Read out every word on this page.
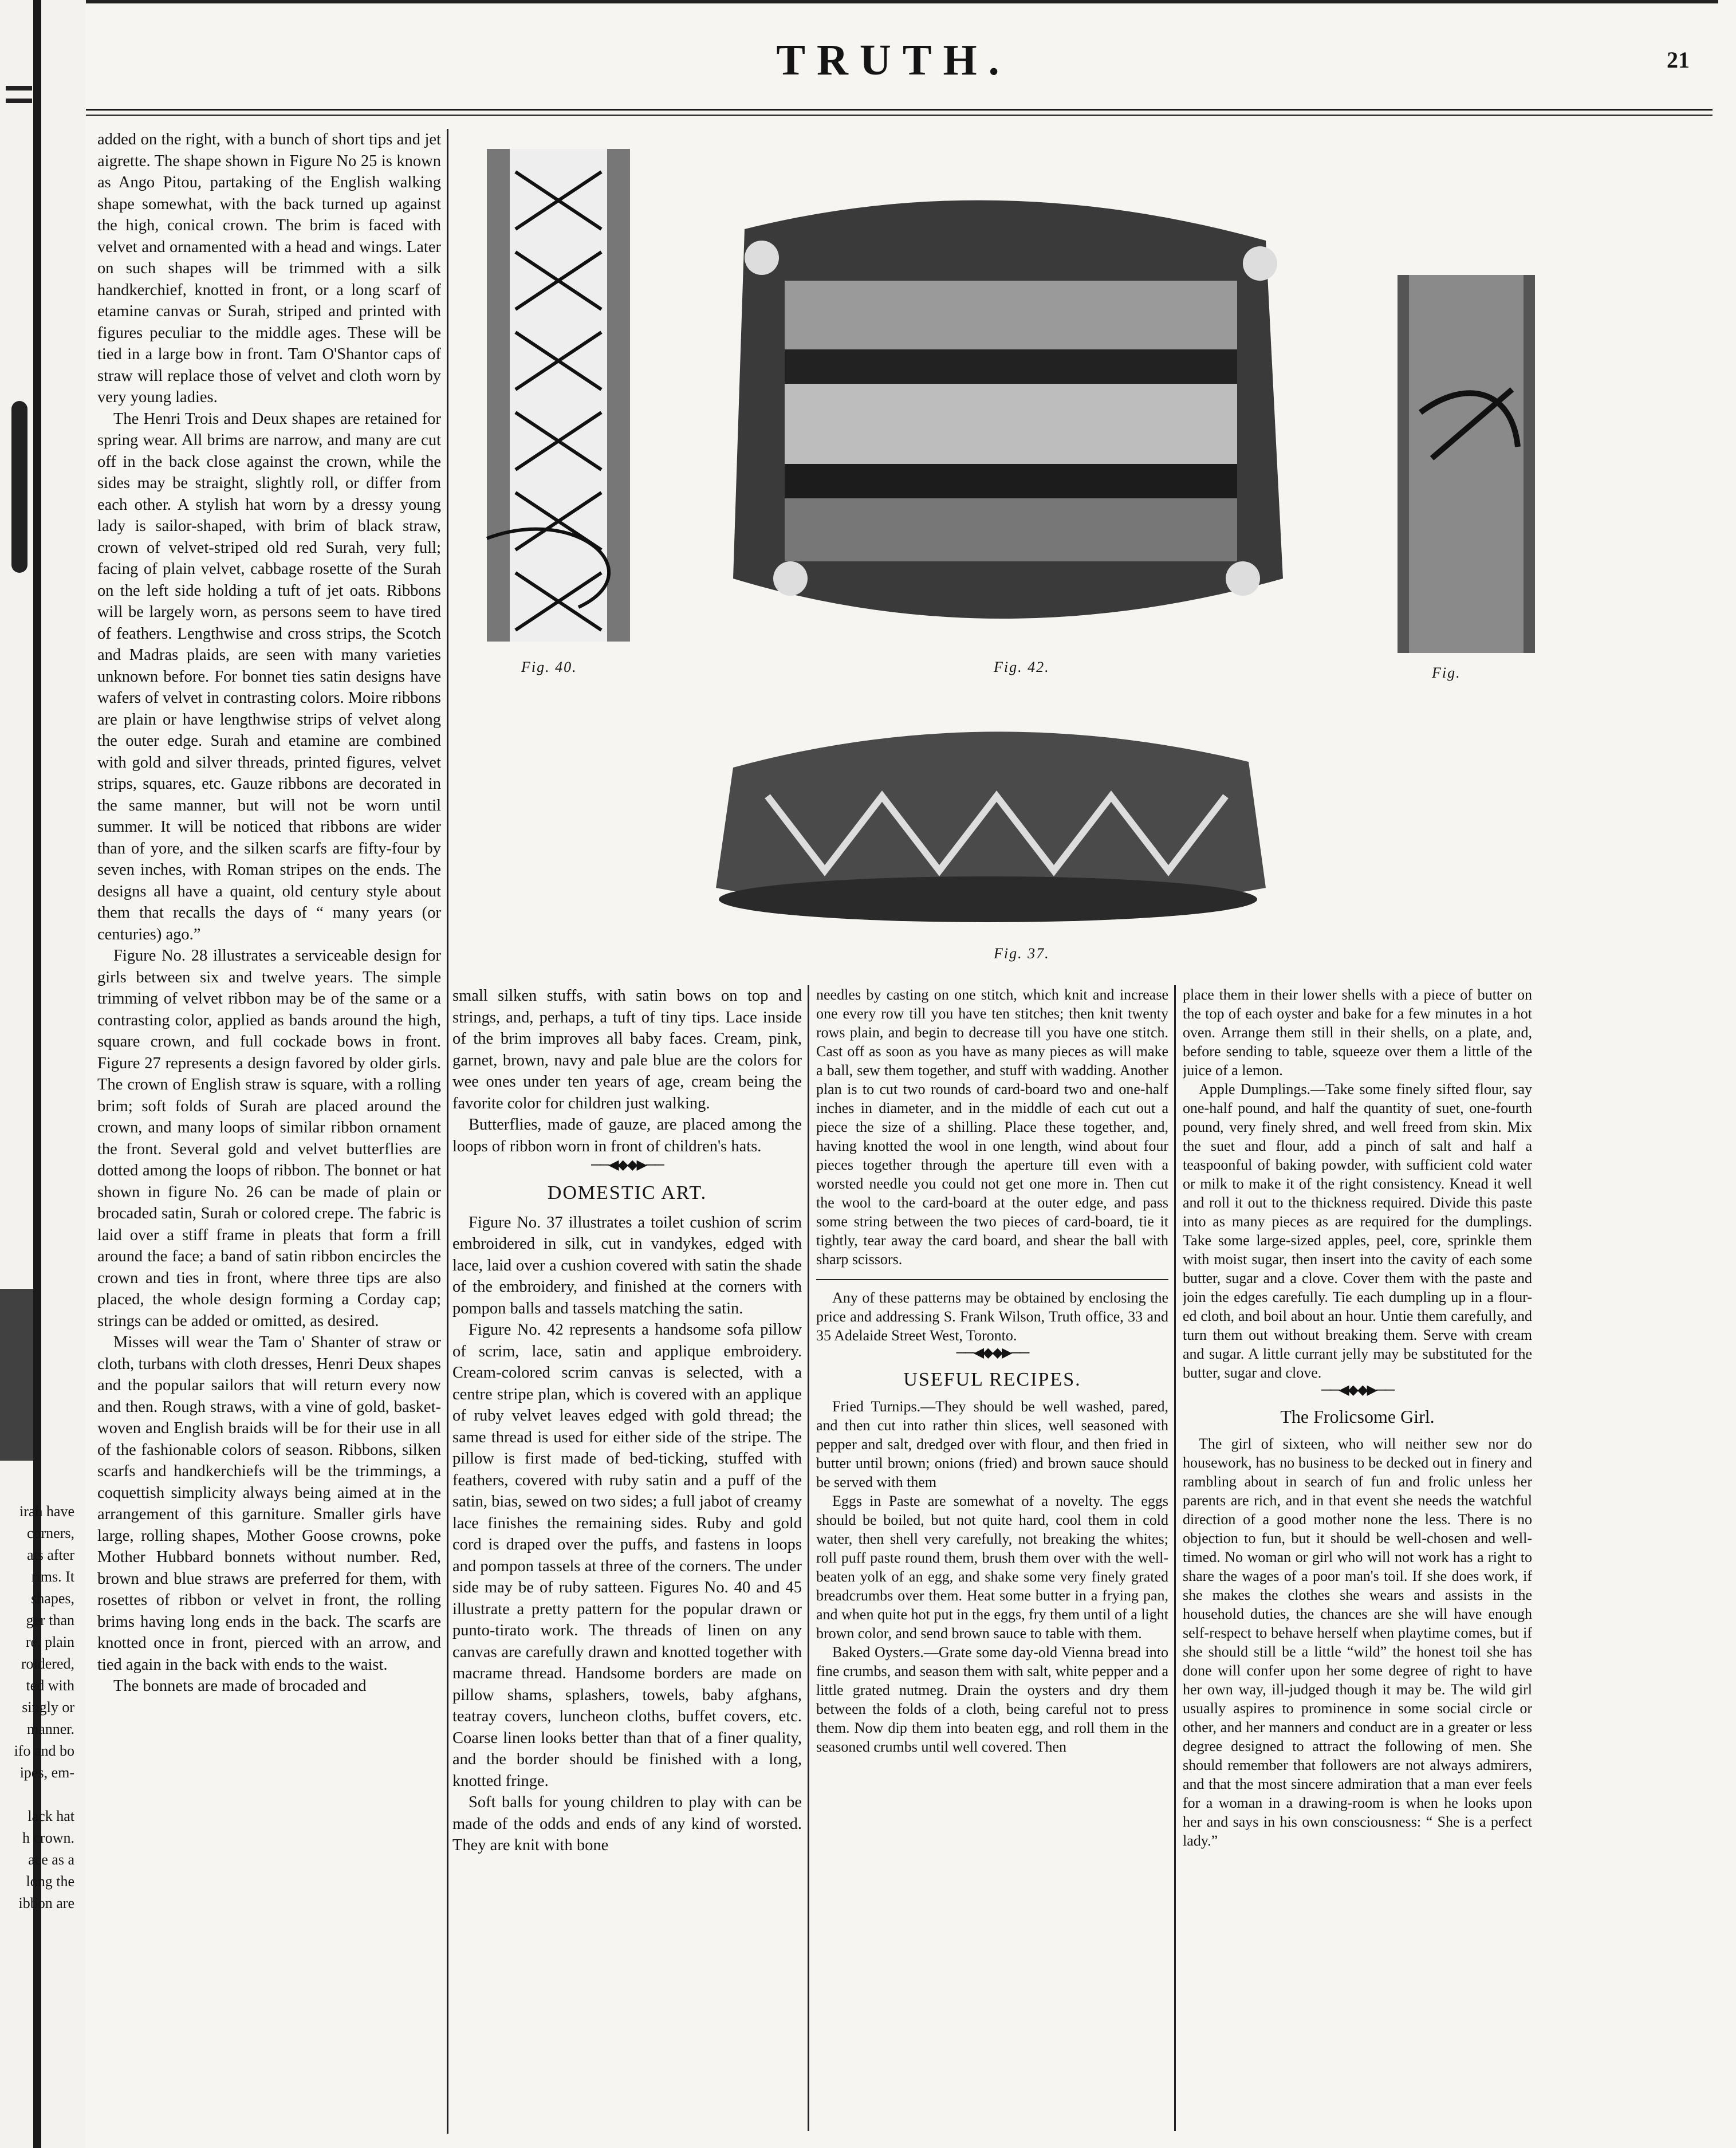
irah have
corners,
ats after
rims. It
shapes,
ger than
re, plain
roidered,
ted with
singly or
manner.
ifo and bo
ipes, em-
lack hat
h crown.
ace as a
long the
ibbon are
TRUTH.	21

added on the right, with a bunch of short tips and jet aigrette. The shape shown in Figure No 25 is known as Ango Pitou, partaking of the English walking shape somewhat, with the back turned up against the high, conical crown. The brim is faced with velvet and ornamented with a head and wings. Later on such shapes will be trimmed with a silk handkerchief, knotted in front, or a long scarf of etamine canvas or Surah, striped and printed with figures peculiar to the middle ages. These will be tied in a large bow in front. Tam O'Shantor caps of straw will replace those of velvet and cloth worn by very young ladies.

The Henri Trois and Deux shapes are retained for spring wear. All brims are narrow, and many are cut off in the back close against the crown, while the sides may be straight, slightly roll, or differ from each other. A stylish hat worn by a dressy young lady is sailor-shaped, with brim of black straw, crown of velvet-striped old red Surah, very full; facing of plain velvet, cabbage rosette of the Surah on the left side holding a tuft of jet oats. Ribbons will be largely worn, as persons seem to have tired of feathers. Lengthwise and cross strips, the Scotch and Madras plaids, are seen with many varieties unknown before. For bonnet ties satin designs have wafers of velvet in contrasting colors. Moire ribbons are plain or have lengthwise strips of velvet along the outer edge. Surah and etamine are combined with gold and silver threads, printed figures, velvet strips, squares, etc. Gauze ribbons are decorated in the same manner, but will not be worn until summer. It will be noticed that ribbons are wider than of yore, and the silken scarfs are fifty-four by seven inches, with Roman stripes on the ends. The designs all have a quaint, old century style about them that recalls the days of “ many years (or centuries) ago.”

Figure No. 28 illustrates a serviceable design for girls between six and twelve years. The simple trimming of velvet ribbon may be of the same or a contrasting color, applied as bands around the high, square crown, and full cockade bows in front. Figure 27 represents a design favored by older girls. The crown of English straw is square, with a rolling brim; soft folds of Surah are placed around the crown, and many loops of similar ribbon ornament the front. Several gold and velvet butterflies are dotted among the loops of ribbon. The bonnet or hat shown in figure No. 26 can be made of plain or brocaded satin, Surah or colored crepe. The fabric is laid over a stiff frame in pleats that form a frill around the face; a band of satin ribbon encircles the crown and ties in front, where three tips are also placed, the whole design forming a Corday cap; strings can be added or omitted, as desired.

Misses will wear the Tam o' Shanter of straw or cloth, turbans with cloth dresses, Henri Deux shapes and the popular sailors that will return every now and then. Rough straws, with a vine of gold, basket-woven and English braids will be for their use in all of the fashionable colors of season. Ribbons, silken scarfs and handkerchiefs will be the trimmings, a coquettish simplicity always being aimed at in the arrangement of this garniture. Smaller girls have large, rolling shapes, Mother Goose crowns, poke Mother Hubbard bonnets without number. Red, brown and blue straws are preferred for them, with rosettes of ribbon or velvet in front, the rolling brims having long ends in the back. The scarfs are knotted once in front, pierced with an arrow, and tied again in the back with ends to the waist.

The bonnets are made of brocaded and

Fig. 40.	Fig. 42.	Fig.
Fig. 37.

small silken stuffs, with satin bows on top and strings, and, perhaps, a tuft of tiny tips. Lace inside of the brim improves all baby faces. Cream, pink, garnet, brown, navy and pale blue are the colors for wee ones under ten years of age, cream being the favorite color for children just walking.

Butterflies, made of gauze, are placed among the loops of ribbon worn in front of children's hats.

──◀◆◆▶──
DOMESTIC ART.

Figure No. 37 illustrates a toilet cushion of scrim embroidered in silk, cut in vandykes, edged with lace, laid over a cushion covered with satin the shade of the embroidery, and finished at the corners with pompon balls and tassels matching the satin.

Figure No. 42 represents a handsome sofa pillow of scrim, lace, satin and applique embroidery. Cream-colored scrim canvas is selected, with a centre stripe plan, which is covered with an applique of ruby velvet leaves edged with gold thread; the same thread is used for either side of the stripe. The pillow is first made of bed-ticking, stuffed with feathers, covered with ruby satin and a puff of the satin, bias, sewed on two sides; a full jabot of creamy lace finishes the remaining sides. Ruby and gold cord is draped over the puffs, and fastens in loops and pompon tassels at three of the corners. The under side may be of ruby satteen. Figures No. 40 and 45 illustrate a pretty pattern for the popular drawn or punto-tirato work. The threads of linen on any canvas are carefully drawn and knotted together with macrame thread. Handsome borders are made on pillow shams, splashers, towels, baby afghans, teatray covers, luncheon cloths, buffet covers, etc. Coarse linen looks better than that of a finer quality, and the border should be finished with a long, knotted fringe.

Soft balls for young children to play with can be made of the odds and ends of any kind of worsted. They are knit with bone

needles by casting on one stitch, which knit and increase one every row till you have ten stitches; then knit twenty rows plain, and begin to decrease till you have one stitch. Cast off as soon as you have as many pieces as will make a ball, sew them together, and stuff with wadding. Another plan is to cut two rounds of card-board two and one-half inches in diameter, and in the middle of each cut out a piece the size of a shilling. Place these together, and, having knotted the wool in one length, wind about four pieces together through the aperture till even with a worsted needle you could not get one more in. Then cut the wool to the card-board at the outer edge, and pass some string between the two pieces of card-board, tie it tightly, tear away the card board, and shear the ball with sharp scissors.

Any of these patterns may be obtained by enclosing the price and addressing S. Frank Wilson, Truth office, 33 and 35 Adelaide Street West, Toronto.

──◀◆◆▶──
USEFUL RECIPES.

Fried Turnips.—They should be well washed, pared, and then cut into rather thin slices, well seasoned with pepper and salt, dredged over with flour, and then fried in butter until brown; onions (fried) and brown sauce should be served with them

Eggs in Paste are somewhat of a novelty. The eggs should be boiled, but not quite hard, cool them in cold water, then shell very carefully, not breaking the whites; roll puff paste round them, brush them over with the well-beaten yolk of an egg, and shake some very finely grated breadcrumbs over them. Heat some butter in a frying pan, and when quite hot put in the eggs, fry them until of a light brown color, and send brown sauce to table with them.

Baked Oysters.—Grate some day-old Vienna bread into fine crumbs, and season them with salt, white pepper and a little grated nutmeg. Drain the oysters and dry them between the folds of a cloth, being careful not to press them. Now dip them into beaten egg, and roll them in the seasoned crumbs until well covered. Then

place them in their lower shells with a piece of butter on the top of each oyster and bake for a few minutes in a hot oven. Arrange them still in their shells, on a plate, and, before sending to table, squeeze over them a little of the juice of a lemon.

Apple Dumplings.—Take some finely sifted flour, say one-half pound, and half the quantity of suet, one-fourth pound, very finely shred, and well freed from skin. Mix the suet and flour, add a pinch of salt and half a teaspoonful of baking powder, with sufficient cold water or milk to make it of the right consistency. Knead it well and roll it out to the thickness required. Divide this paste into as many pieces as are required for the dumplings. Take some large-sized apples, peel, core, sprinkle them with moist sugar, then insert into the cavity of each some butter, sugar and a clove. Cover them with the paste and join the edges carefully. Tie each dumpling up in a flour-ed cloth, and boil about an hour. Untie them carefully, and turn them out without breaking them. Serve with cream and sugar. A little currant jelly may be substituted for the butter, sugar and clove.

──◀◆◆▶──
The Frolicsome Girl.

The girl of sixteen, who will neither sew nor do housework, has no business to be decked out in finery and rambling about in search of fun and frolic unless her parents are rich, and in that event she needs the watchful direction of a good mother none the less. There is no objection to fun, but it should be well-chosen and well-timed. No woman or girl who will not work has a right to share the wages of a poor man's toil. If she does work, if she makes the clothes she wears and assists in the household duties, the chances are she will have enough self-respect to behave herself when playtime comes, but if she should still be a little “wild” the honest toil she has done will confer upon her some degree of right to have her own way, ill-judged though it may be. The wild girl usually aspires to prominence in some social circle or other, and her manners and conduct are in a greater or less degree designed to attract the following of men. She should remember that followers are not always admirers, and that the most sincere admiration that a man ever feels for a woman in a drawing-room is when he looks upon her and says in his own consciousness: “ She is a perfect lady.”
